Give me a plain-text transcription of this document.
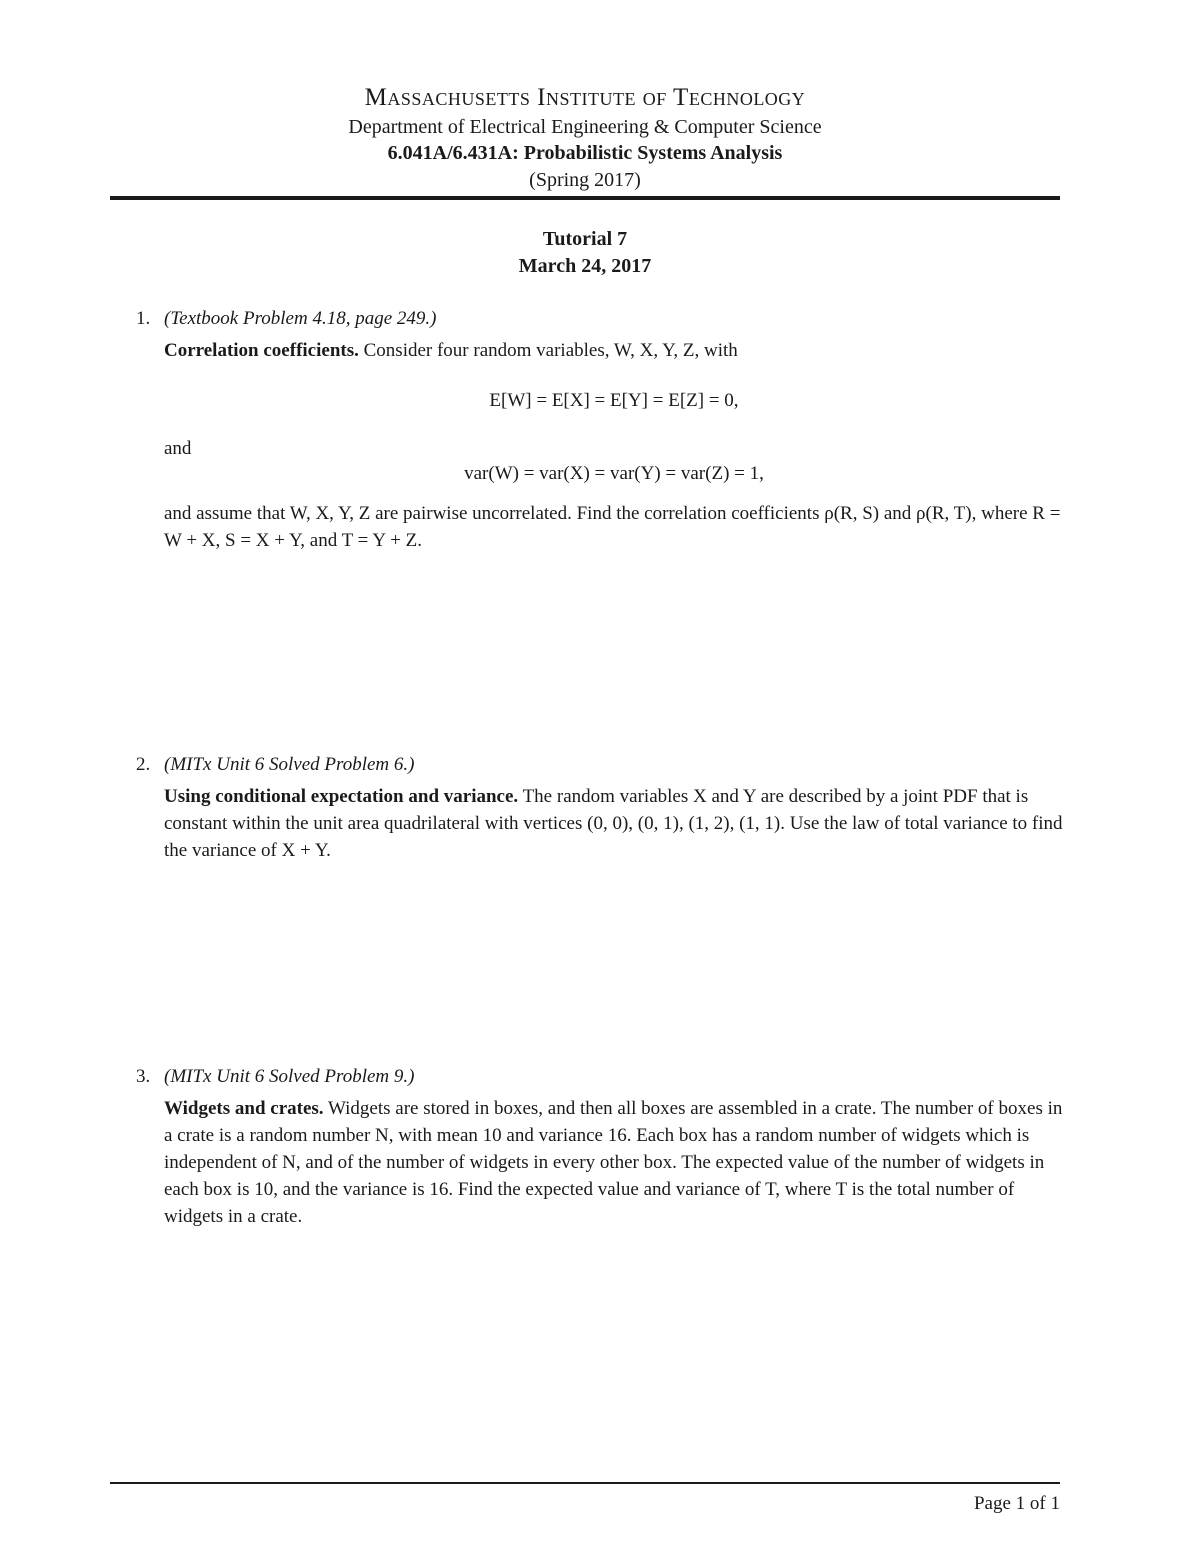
Massachusetts Institute of Technology
Department of Electrical Engineering & Computer Science
6.041A/6.431A: Probabilistic Systems Analysis
(Spring 2017)
Tutorial 7
March 24, 2017
1. (Textbook Problem 4.18, page 249.)

Correlation coefficients. Consider four random variables, W, X, Y, Z, with

E[W] = E[X] = E[Y] = E[Z] = 0,
and
var(W) = var(X) = var(Y) = var(Z) = 1,

and assume that W, X, Y, Z are pairwise uncorrelated. Find the correlation coefficients ρ(R, S) and ρ(R, T), where R = W + X, S = X + Y, and T = Y + Z.

2. (MITx Unit 6 Solved Problem 6.)

Using conditional expectation and variance. The random variables X and Y are described by a joint PDF that is constant within the unit area quadrilateral with vertices (0, 0), (0, 1), (1, 2), (1, 1). Use the law of total variance to find the variance of X + Y.

3. (MITx Unit 6 Solved Problem 9.)

Widgets and crates. Widgets are stored in boxes, and then all boxes are assembled in a crate. The number of boxes in a crate is a random number N, with mean 10 and variance 16. Each box has a random number of widgets which is independent of N, and of the number of widgets in every other box. The expected value of the number of widgets in each box is 10, and the variance is 16. Find the expected value and variance of T, where T is the total number of widgets in a crate.

Page 1 of 1
